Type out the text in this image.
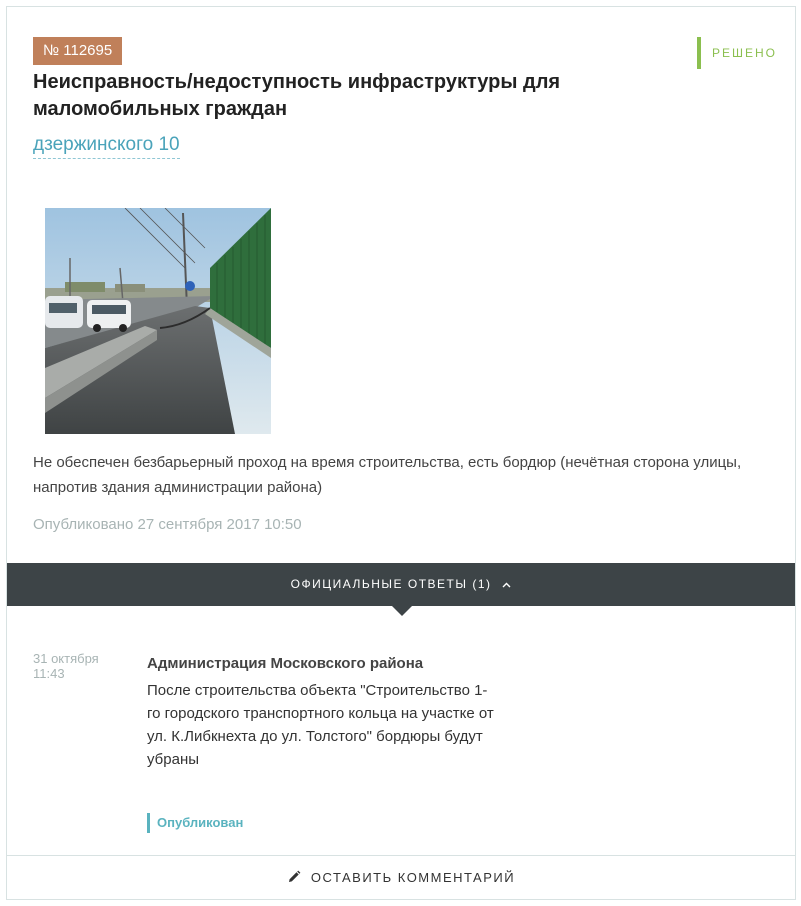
№ 112695	РЕШЕНО
Неисправность/недоступность инфраструктуры для маломобильных граждан
дзержинского 10

Не обеспечен безбарьерный проход на время строительства, есть бордюр (нечётная сторона улицы, напротив здания администрации района)

Опубликовано 27 сентября 2017 10:50
ОФИЦИАЛЬНЫЕ ОТВЕТЫ (1)
31 октября
11:43
Администрация Московского района

После строительства объекта "Строительство 1-го городского транспортного кольца на участке от ул. К.Либкнехта до ул. Толстого" бордюры будут убраны

Опубликован
ОСТАВИТЬ КОММЕНТАРИЙ
